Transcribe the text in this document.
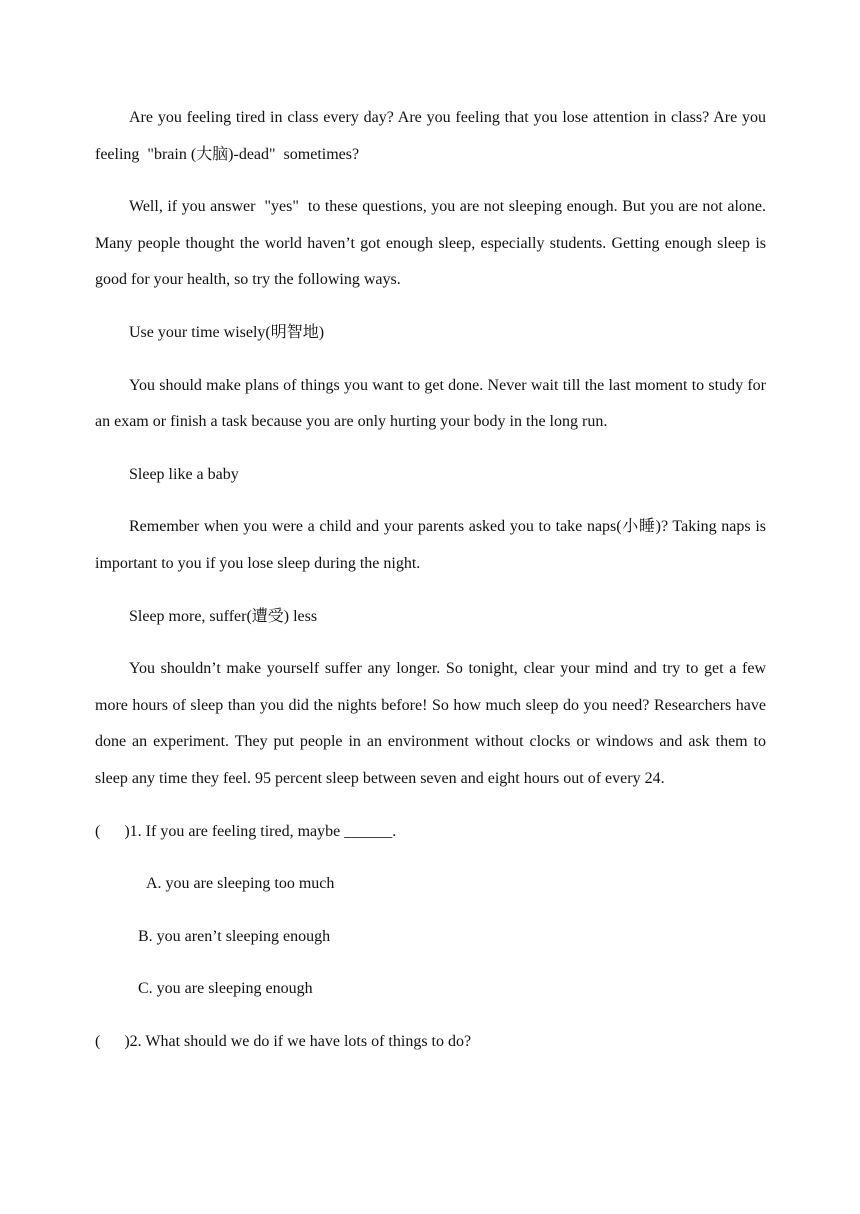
Are you feeling tired in class every day? Are you feeling that you lose attention in class? Are you feeling  "brain (大脑)-dead"  sometimes?

Well, if you answer  "yes"  to these questions, you are not sleeping enough. But you are not alone. Many people thought the world haven’t got enough sleep, especially students. Getting enough sleep is good for your health, so try the following ways.

Use your time wisely(明智地)

You should make plans of things you want to get done. Never wait till the last moment to study for an exam or finish a task because you are only hurting your body in the long run.

Sleep like a baby

Remember when you were a child and your parents asked you to take naps(小睡)? Taking naps is important to you if you lose sleep during the night.

Sleep more, suffer(遭受) less

You shouldn’t make yourself suffer any longer. So tonight, clear your mind and try to get a few more hours of sleep than you did the nights before! So how much sleep do you need? Researchers have done an experiment. They put people in an environment without clocks or windows and ask them to sleep any time they feel. 95 percent sleep between seven and eight hours out of every 24.

(      )1. If you are feeling tired, maybe ______.

A. you are sleeping too much

B. you aren’t sleeping enough

C. you are sleeping enough

(      )2. What should we do if we have lots of things to do?
